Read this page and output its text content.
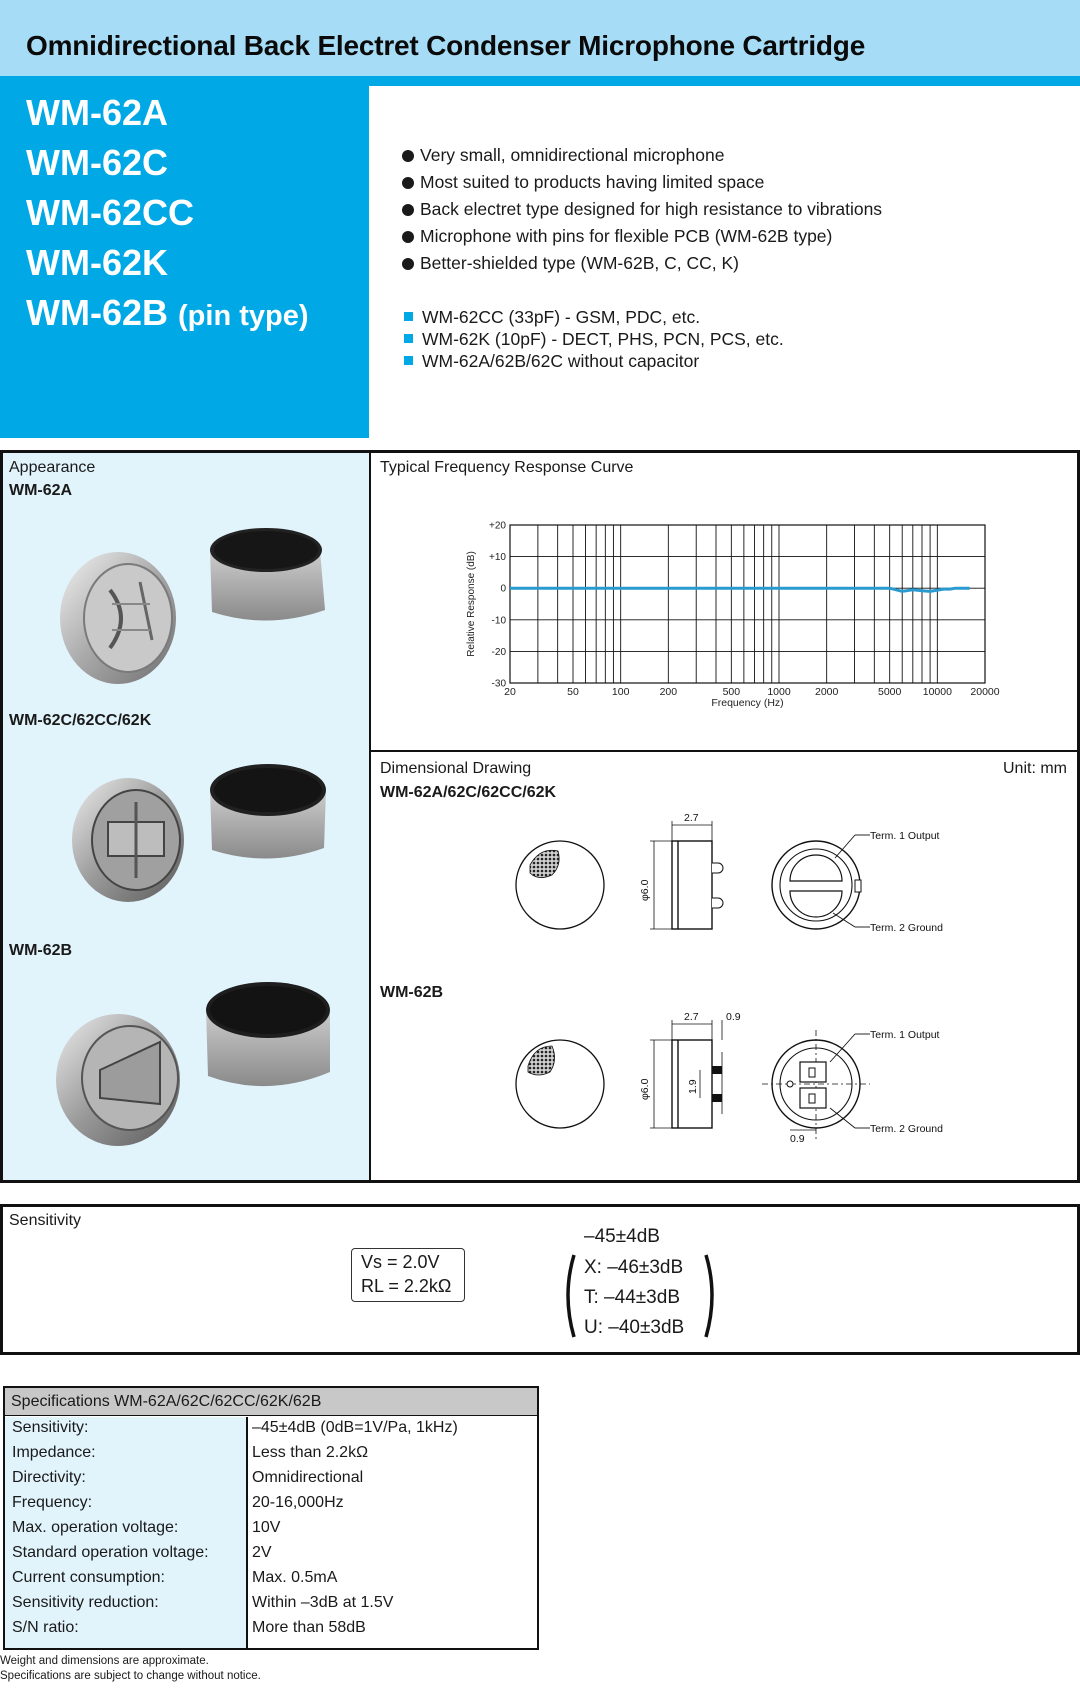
Omnidirectional Back Electret Condenser Microphone Cartridge
WM-62A
WM-62C
WM-62CC
WM-62K
WM-62B (pin type)
Very small, omnidirectional microphone
Most suited to products having limited space
Back electret type designed for high resistance to vibrations
Microphone with pins for flexible PCB (WM-62B type)
Better-shielded type (WM-62B, C, CC, K)
WM-62CC (33pF) - GSM, PDC, etc.
WM-62K (10pF) - DECT, PHS, PCN, PCS, etc.
WM-62A/62B/62C without capacitor
Appearance
WM-62A
WM-62C/62CC/62K
WM-62B
Typical Frequency Response Curve
+20
+10
0
-10
-20
-30
20	50	100	200	500	1000 2000	5000 10000 20000
Relative Response (dB)
Frequency (Hz)
Dimensional Drawing	Unit: mm
WM-62A/62C/62CC/62K
WM-62B
2.7
φ6.0
Term. 1 Output
Term. 2 Ground
2.7	0.9
φ6.0	1.9
Term. 1 Output
Term. 2 Ground
0.9
Sensitivity
Vs = 2.0V
RL = 2.2kΩ
–45±4dB
X: –46±3dB
T: –44±3dB
U: –40±3dB
Specifications WM-62A/62C/62CC/62K/62B
Sensitivity:	–45±4dB (0dB=1V/Pa, 1kHz)
Impedance:	Less than 2.2kΩ
Directivity:	Omnidirectional
Frequency:	20-16,000Hz
Max. operation voltage:	10V
Standard operation voltage:	2V
Current consumption:	Max. 0.5mA
Sensitivity reduction:	Within –3dB at 1.5V
S/N ratio:	More than 58dB
Weight and dimensions are approximate.
Specifications are subject to change without notice.
